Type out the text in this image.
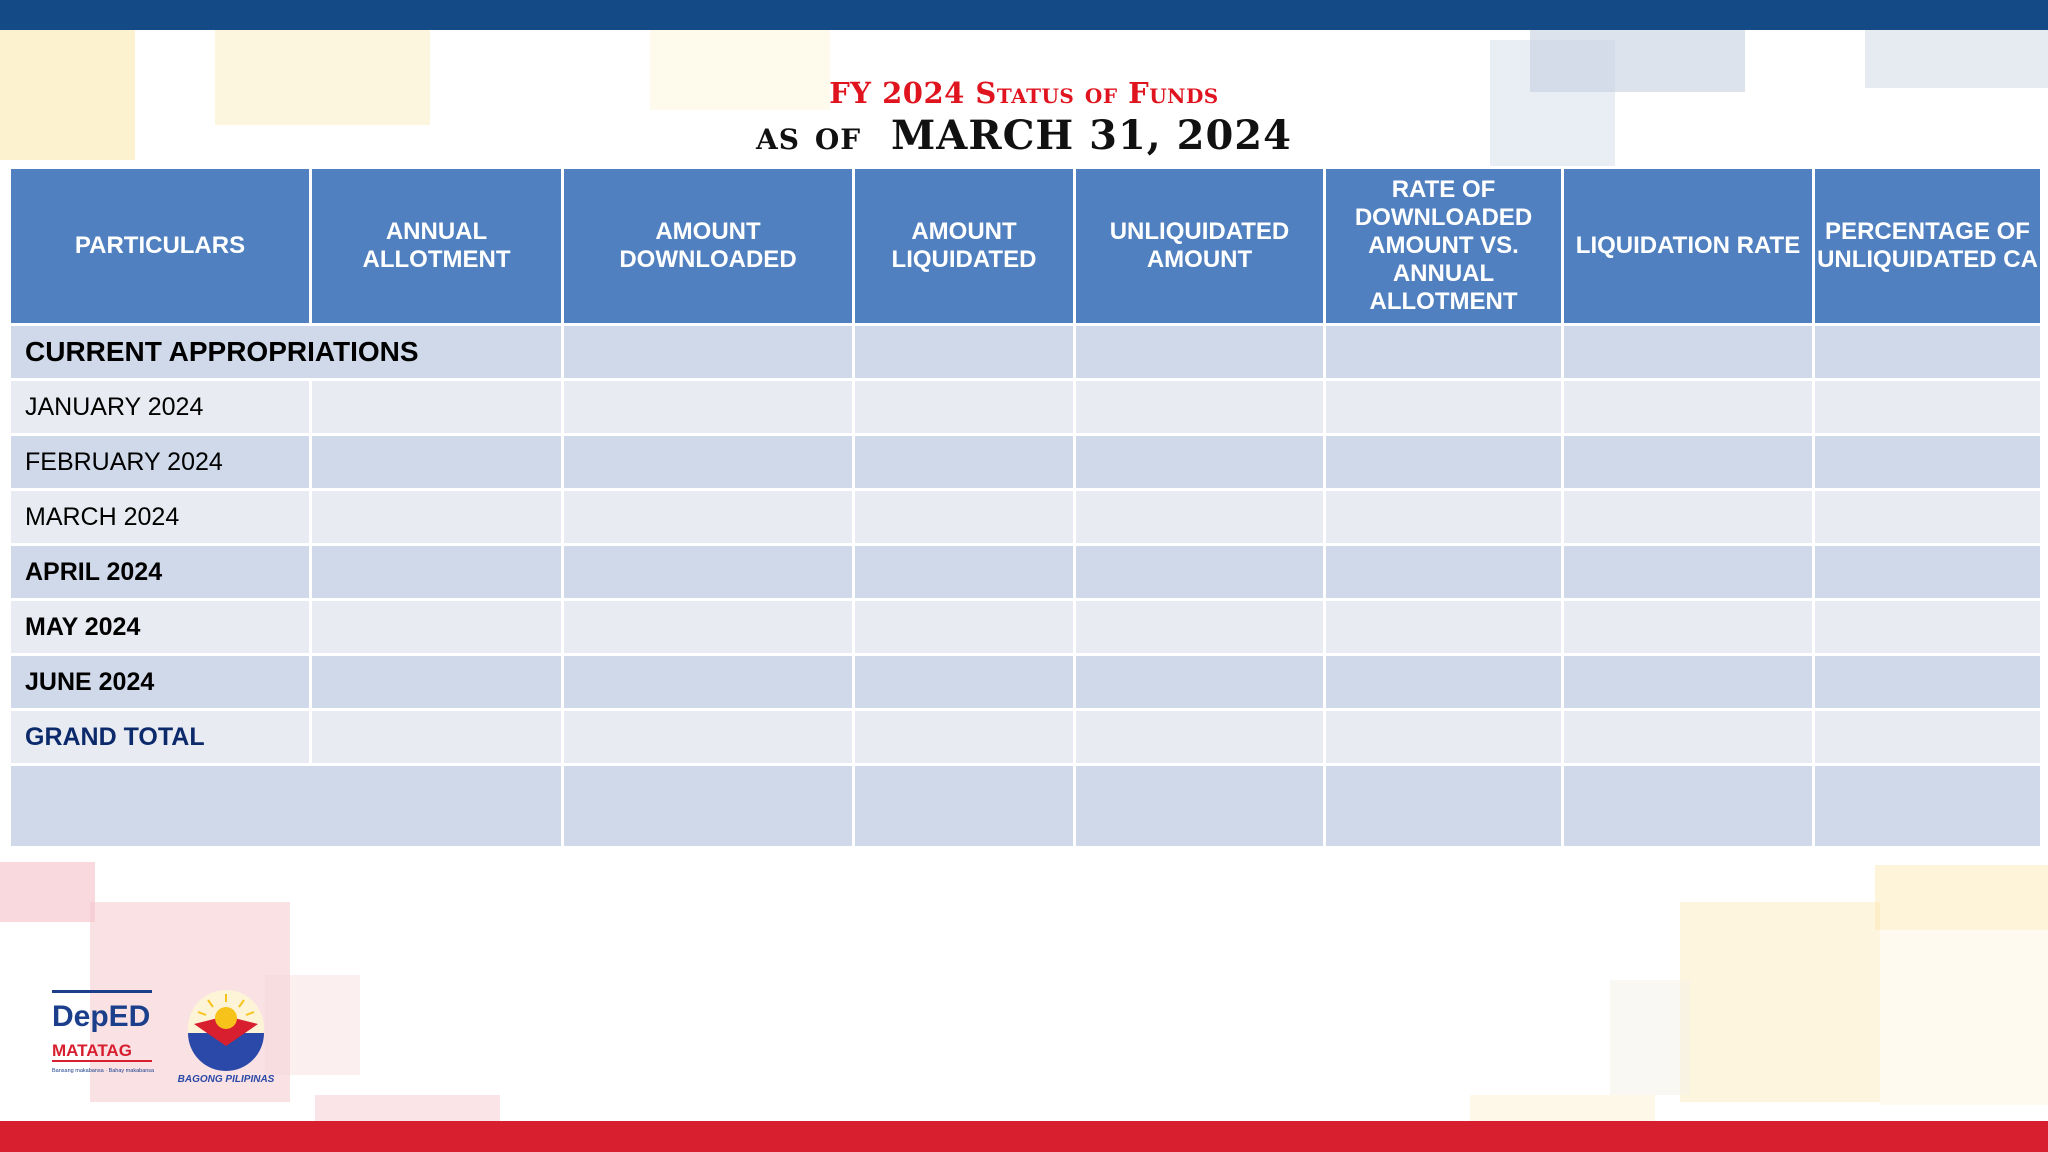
FY 2024 Status of Funds
as of MARCH 31, 2024
PARTICULARS	ANNUAL ALLOTMENT	AMOUNT DOWNLOADED	AMOUNT LIQUIDATED	UNLIQUIDATED AMOUNT	RATE OF DOWNLOADED AMOUNT VS. ANNUAL ALLOTMENT	LIQUIDATION RATE	PERCENTAGE OF UNLIQUIDATED CA
CURRENT APPROPRIATIONS							
JANUARY 2024							
FEBRUARY 2024							
MARCH 2024							
APRIL 2024							
MAY 2024							
JUNE 2024							
GRAND TOTAL							

DepED
MATATAG
Bansang makabansa · Bahay makabansa
BAGONG PILIPINAS
